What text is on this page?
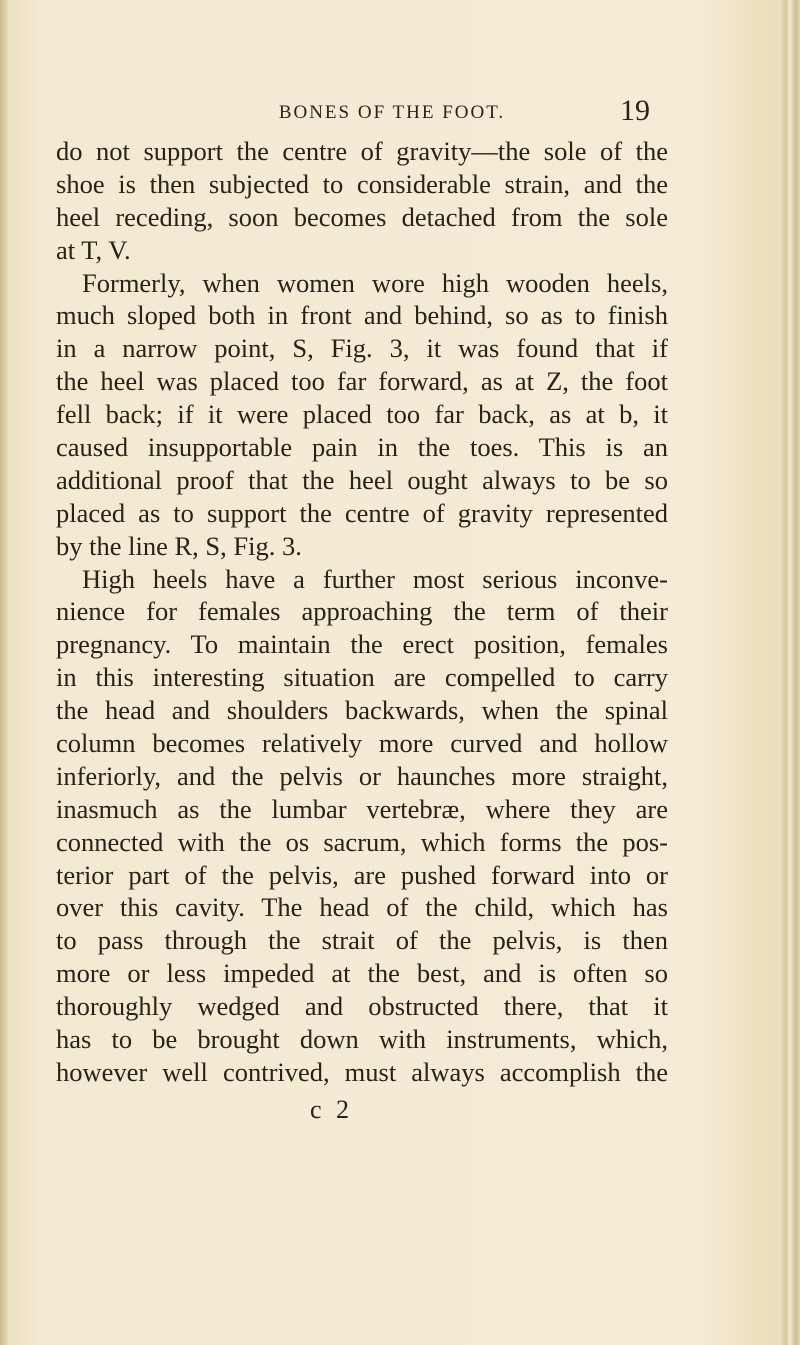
BONES OF THE FOOT.	19
do not support the centre of gravity—the sole of the
shoe is then subjected to considerable strain, and the
heel receding, soon becomes detached from the sole
at T, V.
Formerly, when women wore high wooden heels,
much sloped both in front and behind, so as to finish
in a narrow point, S, Fig. 3, it was found that if
the heel was placed too far forward, as at Z, the foot
fell back; if it were placed too far back, as at b, it
caused insupportable pain in the toes. This is an
additional proof that the heel ought always to be so
placed as to support the centre of gravity represented
by the line R, S, Fig. 3.
High heels have a further most serious inconve-
nience for females approaching the term of their
pregnancy. To maintain the erect position, females
in this interesting situation are compelled to carry
the head and shoulders backwards, when the spinal
column becomes relatively more curved and hollow
inferiorly, and the pelvis or haunches more straight,
inasmuch as the lumbar vertebræ, where they are
connected with the os sacrum, which forms the pos-
terior part of the pelvis, are pushed forward into or
over this cavity. The head of the child, which has
to pass through the strait of the pelvis, is then
more or less impeded at the best, and is often so
thoroughly wedged and obstructed there, that it
has to be brought down with instruments, which,
however well contrived, must always accomplish the
c 2
